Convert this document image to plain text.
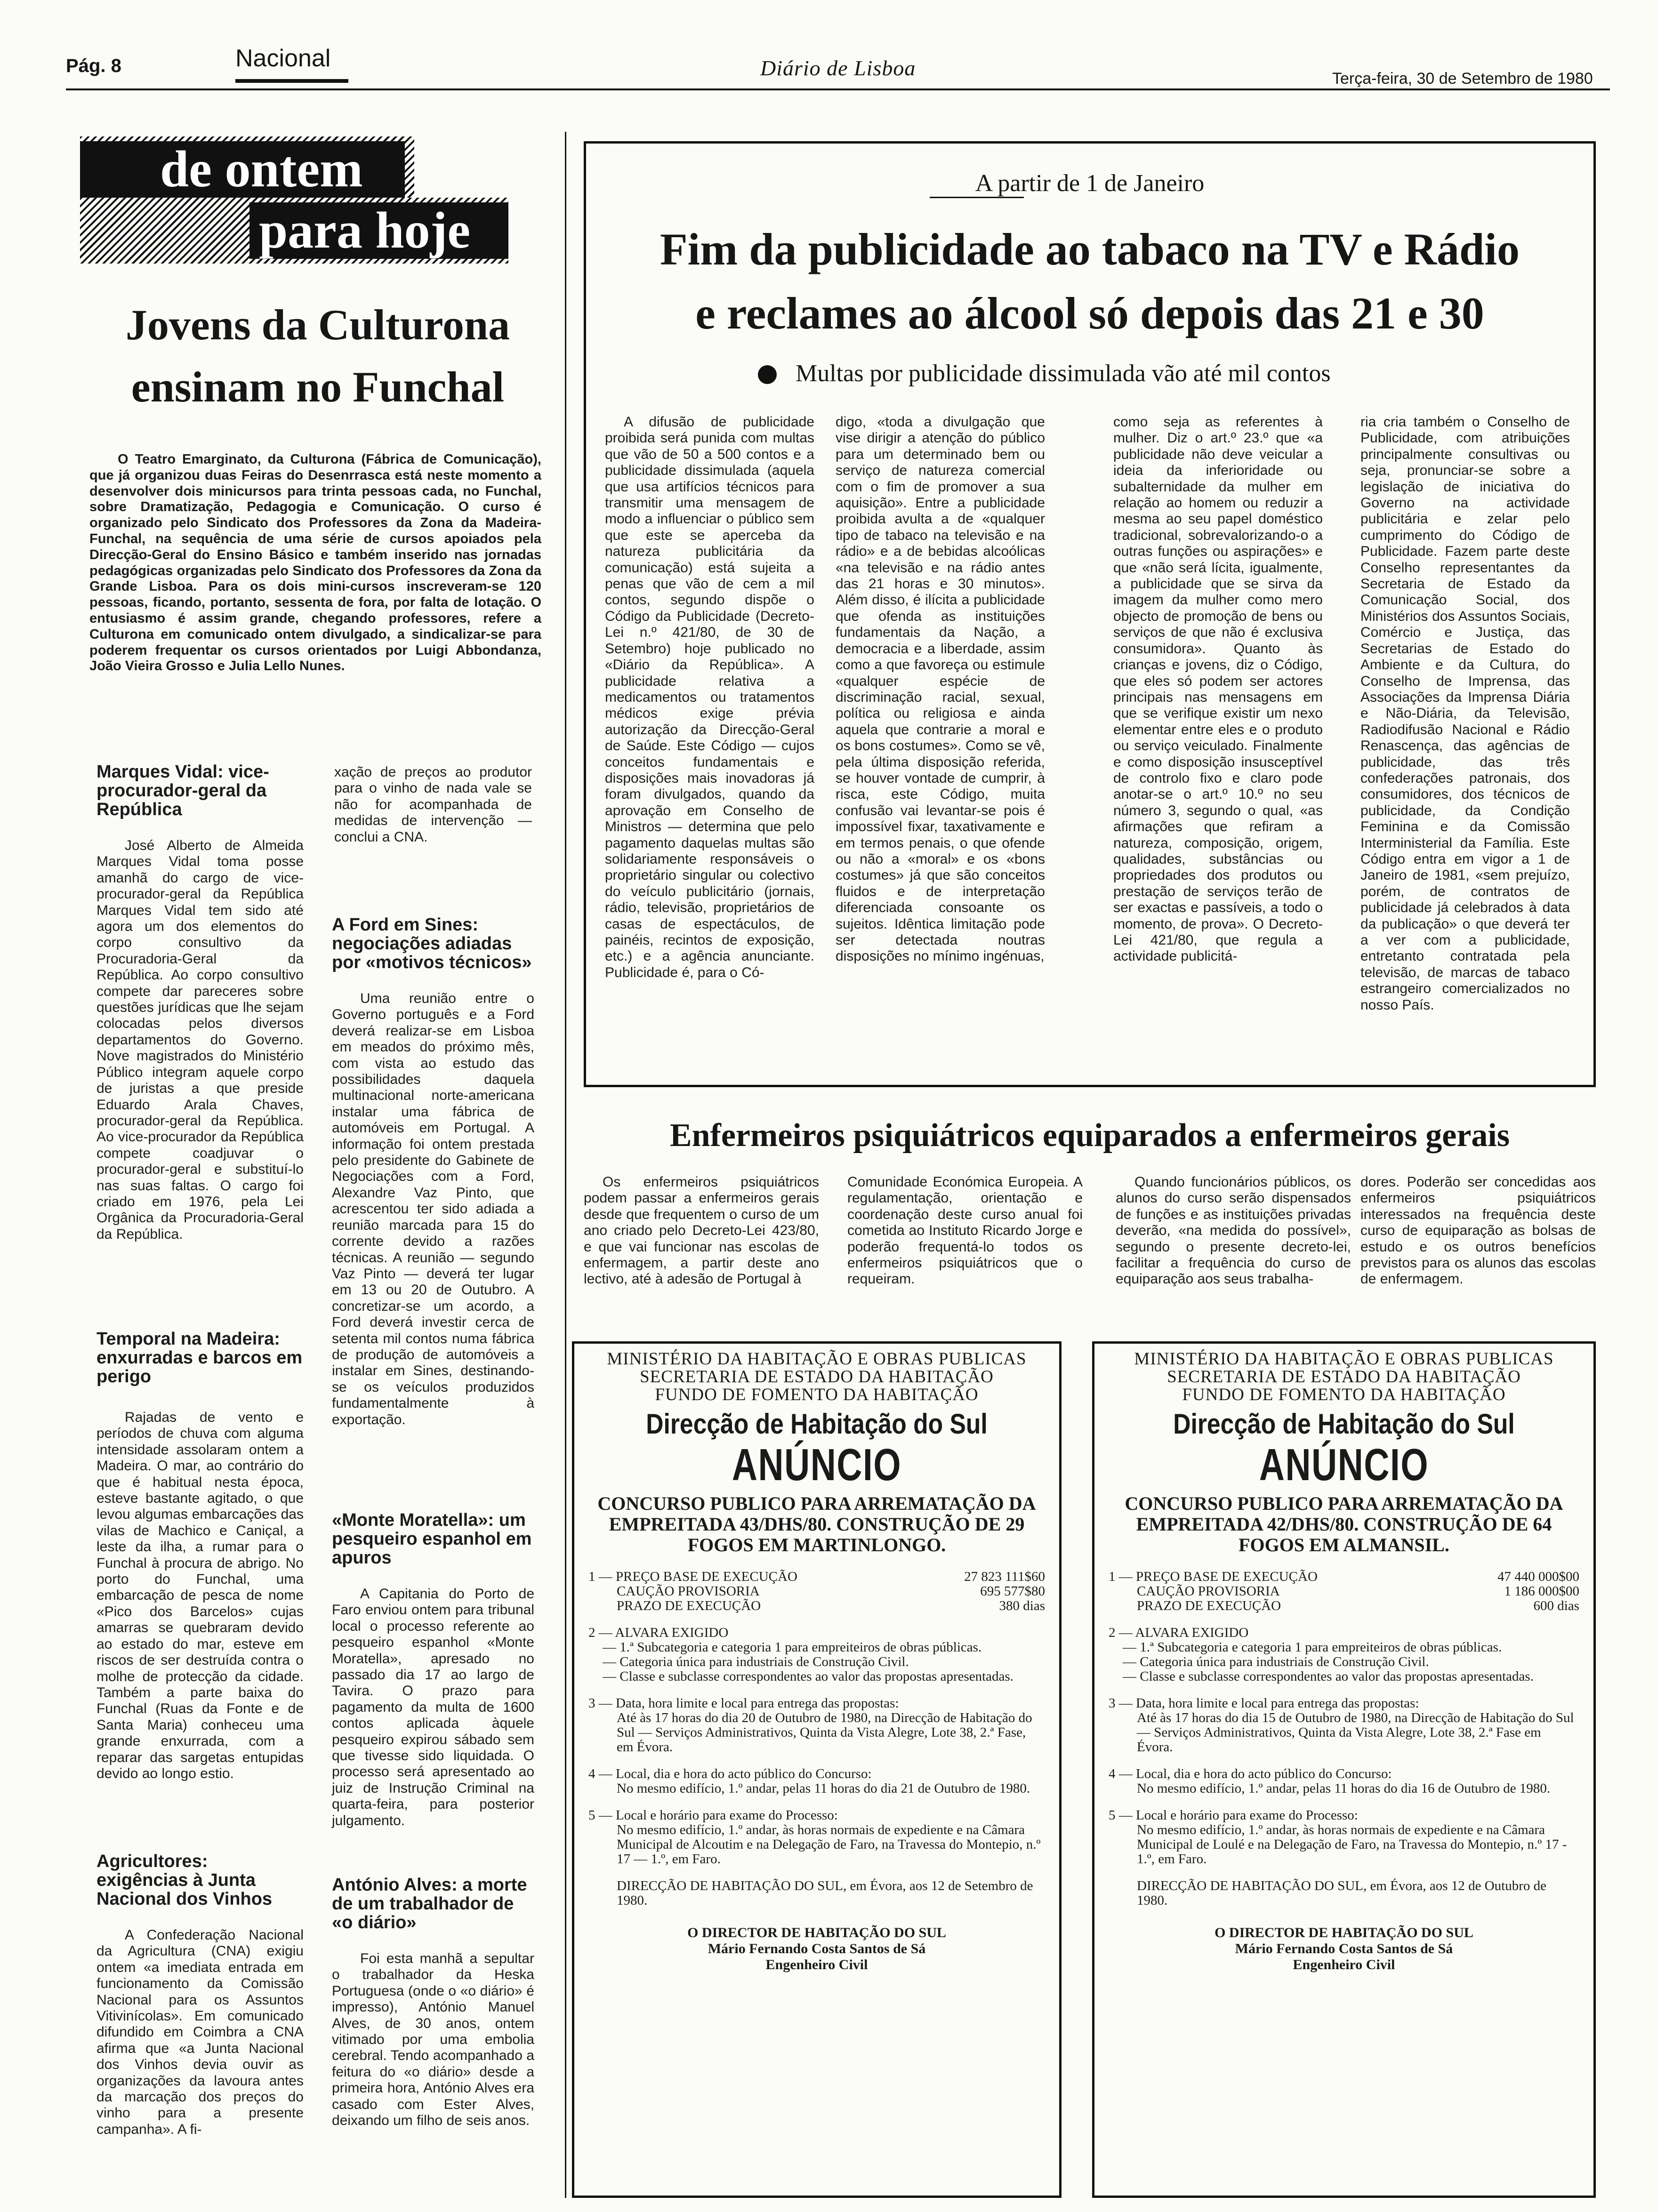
Pág. 8	Nacional	Diário de Lisboa	Terça-feira, 30 de Setembro de 1980
de ontem
para hoje
Jovens da Culturona
ensinam no Funchal

O Teatro Emarginato, da Culturona (Fábrica de Comunicação), que já organizou duas Feiras do Desenrrasca está neste momento a desenvolver dois minicursos para trinta pessoas cada, no Funchal, sobre Dramatização, Pedagogia e Comunicação. O curso é organizado pelo Sindicato dos Professores da Zona da Madeira-Funchal, na sequência de uma série de cursos apoiados pela Direcção-Geral do Ensino Básico e também inserido nas jornadas pedagógicas organizadas pelo Sindicato dos Professores da Zona da Grande Lisboa. Para os dois mini-cursos inscreveram-se 120 pessoas, ficando, portanto, sessenta de fora, por falta de lotação. O entusiasmo é assim grande, chegando professores, refere a Culturona em comunicado ontem divulgado, a sindicalizar-se para poderem frequentar os cursos orientados por Luigi Abbondanza, João Vieira Grosso e Julia Lello Nunes.

Marques Vidal: vice-procurador-geral da República

José Alberto de Almeida Marques Vidal toma posse amanhã do cargo de vice-procurador-geral da República Marques Vidal tem sido até agora um dos elementos do corpo consultivo da Procuradoria-Geral da República. Ao corpo consultivo compete dar pareceres sobre questões jurídicas que lhe sejam colocadas pelos diversos departamentos do Governo. Nove magistrados do Ministério Público integram aquele corpo de juristas a que preside Eduardo Arala Chaves, procurador-geral da República. Ao vice-procurador da República compete coadjuvar o procurador-geral e substituí-lo nas suas faltas. O cargo foi criado em 1976, pela Lei Orgânica da Procuradoria-Geral da República.

Temporal na Madeira: enxurradas e barcos em perigo

Rajadas de vento e períodos de chuva com alguma intensidade assolaram ontem a Madeira. O mar, ao contrário do que é habitual nesta época, esteve bastante agitado, o que levou algumas embarcações das vilas de Machico e Caniçal, a leste da ilha, a rumar para o Funchal à procura de abrigo. No porto do Funchal, uma embarcação de pesca de nome «Pico dos Barcelos» cujas amarras se quebraram devido ao estado do mar, esteve em riscos de ser destruída contra o molhe de protecção da cidade. Também a parte baixa do Funchal (Ruas da Fonte e de Santa Maria) conheceu uma grande enxurrada, com a reparar das sargetas entupidas devido ao longo estio.

Agricultores: exigências à Junta Nacional dos Vinhos

A Confederação Nacional da Agricultura (CNA) exigiu ontem «a imediata entrada em funcionamento da Comissão Nacional para os Assuntos Vitivinícolas». Em comunicado difundido em Coimbra a CNA afirma que «a Junta Nacional dos Vinhos devia ouvir as organizações da lavoura antes da marcação dos preços do vinho para a presente campanha». A fi-

xação de preços ao produtor para o vinho de nada vale se não for acompanhada de medidas de intervenção — conclui a CNA.

A Ford em Sines: negociações adiadas por «motivos técnicos»

Uma reunião entre o Governo português e a Ford deverá realizar-se em Lisboa em meados do próximo mês, com vista ao estudo das possibilidades daquela multinacional norte-americana instalar uma fábrica de automóveis em Portugal. A informação foi ontem prestada pelo presidente do Gabinete de Negociações com a Ford, Alexandre Vaz Pinto, que acrescentou ter sido adiada a reunião marcada para 15 do corrente devido a razões técnicas. A reunião — segundo Vaz Pinto — deverá ter lugar em 13 ou 20 de Outubro. A concretizar-se um acordo, a Ford deverá investir cerca de setenta mil contos numa fábrica de produção de automóveis a instalar em Sines, destinando-se os veículos produzidos fundamentalmente à exportação.

«Monte Moratella»: um pesqueiro espanhol em apuros

A Capitania do Porto de Faro enviou ontem para tribunal local o processo referente ao pesqueiro espanhol «Monte Moratella», apresado no passado dia 17 ao largo de Tavira. O prazo para pagamento da multa de 1600 contos aplicada àquele pesqueiro expirou sábado sem que tivesse sido liquidada. O processo será apresentado ao juiz de Instrução Criminal na quarta-feira, para posterior julgamento.

António Alves: a morte de um trabalhador de «o diário»

Foi esta manhã a sepultar o trabalhador da Heska Portuguesa (onde o «o diário» é impresso), António Manuel Alves, de 30 anos, ontem vitimado por uma embolia cerebral. Tendo acompanhado a feitura do «o diário» desde a primeira hora, António Alves era casado com Ester Alves, deixando um filho de seis anos.

A partir de 1 de Janeiro
Fim da publicidade ao tabaco na TV e Rádio
e reclames ao álcool só depois das 21 e 30
Multas por publicidade dissimulada vão até mil contos

A difusão de publicidade proibida será punida com multas que vão de 50 a 500 contos e a publicidade dissimulada (aquela que usa artifícios técnicos para transmitir uma mensagem de modo a influenciar o público sem que este se aperceba da natureza publicitária da comunicação) está sujeita a penas que vão de cem a mil contos, segundo dispõe o Código da Publicidade (Decreto-Lei n.º 421/80, de 30 de Setembro) hoje publicado no «Diário da República». A publicidade relativa a medicamentos ou tratamentos médicos exige prévia autorização da Direcção-Geral de Saúde. Este Código — cujos conceitos fundamentais e disposições mais inovadoras já foram divulgados, quando da aprovação em Conselho de Ministros — determina que pelo pagamento daquelas multas são solidariamente responsáveis o proprietário singular ou colectivo do veículo publicitário (jornais, rádio, televisão, proprietários de casas de espectáculos, de painéis, recintos de exposição, etc.) e a agência anunciante. Publicidade é, para o Có-

digo, «toda a divulgação que vise dirigir a atenção do público para um determinado bem ou serviço de natureza comercial com o fim de promover a sua aquisição». Entre a publicidade proibida avulta a de «qualquer tipo de tabaco na televisão e na rádio» e a de bebidas alcoólicas «na televisão e na rádio antes das 21 horas e 30 minutos». Além disso, é ilícita a publicidade que ofenda as instituições fundamentais da Nação, a democracia e a liberdade, assim como a que favoreça ou estimule «qualquer espécie de discriminação racial, sexual, política ou religiosa e ainda aquela que contrarie a moral e os bons costumes». Como se vê, pela última disposição referida, se houver vontade de cumprir, à risca, este Código, muita confusão vai levantar-se pois é impossível fixar, taxativamente e em termos penais, o que ofende ou não a «moral» e os «bons costumes» já que são conceitos fluidos e de interpretação diferenciada consoante os sujeitos. Idêntica limitação pode ser detectada noutras disposições no mínimo ingénuas,

como seja as referentes à mulher. Diz o art.º 23.º que «a publicidade não deve veicular a ideia da inferioridade ou subalternidade da mulher em relação ao homem ou reduzir a mesma ao seu papel doméstico tradicional, sobrevalorizando-o a outras funções ou aspirações» e que «não será lícita, igualmente, a publicidade que se sirva da imagem da mulher como mero objecto de promoção de bens ou serviços de que não é exclusiva consumidora». Quanto às crianças e jovens, diz o Código, que eles só podem ser actores principais nas mensagens em que se verifique existir um nexo elementar entre eles e o produto ou serviço veiculado. Finalmente e como disposição insusceptível de controlo fixo e claro pode anotar-se o art.º 10.º no seu número 3, segundo o qual, «as afirmações que refiram a natureza, composição, origem, qualidades, substâncias ou propriedades dos produtos ou prestação de serviços terão de ser exactas e passíveis, a todo o momento, de prova». O Decreto-Lei 421/80, que regula a actividade publicitá-

ria cria também o Conselho de Publicidade, com atribuições principalmente consultivas ou seja, pronunciar-se sobre a legislação de iniciativa do Governo na actividade publicitária e zelar pelo cumprimento do Código de Publicidade. Fazem parte deste Conselho representantes da Secretaria de Estado da Comunicação Social, dos Ministérios dos Assuntos Sociais, Comércio e Justiça, das Secretarias de Estado do Ambiente e da Cultura, do Conselho de Imprensa, das Associações da Imprensa Diária e Não-Diária, da Televisão, Radiodifusão Nacional e Rádio Renascença, das agências de publicidade, das três confederações patronais, dos consumidores, dos técnicos de publicidade, da Condição Feminina e da Comissão Interministerial da Família. Este Código entra em vigor a 1 de Janeiro de 1981, «sem prejuízo, porém, de contratos de publicidade já celebrados à data da publicação» o que deverá ter a ver com a publicidade, entretanto contratada pela televisão, de marcas de tabaco estrangeiro comercializados no nosso País.

Enfermeiros psiquiátricos equiparados a enfermeiros gerais

Os enfermeiros psiquiátricos podem passar a enfermeiros gerais desde que frequentem o curso de um ano criado pelo Decreto-Lei 423/80, e que vai funcionar nas escolas de enfermagem, a partir deste ano lectivo, até à adesão de Portugal à

Comunidade Económica Europeia. A regulamentação, orientação e coordenação deste curso anual foi cometida ao Instituto Ricardo Jorge e poderão frequentá-lo todos os enfermeiros psiquiátricos que o requeiram.

Quando funcionários públicos, os alunos do curso serão dispensados de funções e as instituições privadas deverão, «na medida do possível», segundo o presente decreto-lei, facilitar a frequência do curso de equiparação aos seus trabalha-

dores. Poderão ser concedidas aos enfermeiros psiquiátricos interessados na frequência deste curso de equiparação as bolsas de estudo e os outros benefícios previstos para os alunos das escolas de enfermagem.

MINISTÉRIO DA HABITAÇÃO E OBRAS PUBLICAS
SECRETARIA DE ESTADO DA HABITAÇÃO
FUNDO DE FOMENTO DA HABITAÇÃO
Direcção de Habitação do Sul
ANÚNCIO
CONCURSO PUBLICO PARA ARREMATAÇÃO DA EMPREITADA 43/DHS/80. CONSTRUÇÃO DE 29 FOGOS EM MARTINLONGO.
1 — PREÇO BASE DE EXECUÇÃO	27 823 111$60
CAUÇÃO PROVISORIA	695 577$80
PRAZO DE EXECUÇÃO	380 dias
2 — ALVARA EXIGIDO
— 1.ª Subcategoria e categoria 1 para empreiteiros de obras públicas.
— Categoria única para industriais de Construção Civil.
— Classe e subclasse correspondentes ao valor das propostas apresentadas.
3 — Data, hora limite e local para entrega das propostas:
Até às 17 horas do dia 20 de Outubro de 1980, na Direcção de Habitação do Sul — Serviços Administrativos, Quinta da Vista Alegre, Lote 38, 2.ª Fase, em Évora.
4 — Local, dia e hora do acto público do Concurso:
No mesmo edifício, 1.º andar, pelas 11 horas do dia 21 de Outubro de 1980.
5 — Local e horário para exame do Processo:
No mesmo edifício, 1.º andar, às horas normais de expediente e na Câmara Municipal de Alcoutim e na Delegação de Faro, na Travessa do Montepio, n.º 17 — 1.º, em Faro.
DIRECÇÃO DE HABITAÇÃO DO SUL, em Évora, aos 12 de Setembro de 1980.
O DIRECTOR DE HABITAÇÃO DO SUL
Mário Fernando Costa Santos de Sá
Engenheiro Civil
MINISTÉRIO DA HABITAÇÃO E OBRAS PUBLICAS
SECRETARIA DE ESTADO DA HABITAÇÃO
FUNDO DE FOMENTO DA HABITAÇÃO
Direcção de Habitação do Sul
ANÚNCIO
CONCURSO PUBLICO PARA ARREMATAÇÃO DA EMPREITADA 42/DHS/80. CONSTRUÇÃO DE 64 FOGOS EM ALMANSIL.
1 — PREÇO BASE DE EXECUÇÃO	47 440 000$00
CAUÇÃO PROVISORIA	1 186 000$00
PRAZO DE EXECUÇÃO	600 dias
2 — ALVARA EXIGIDO
— 1.ª Subcategoria e categoria 1 para empreiteiros de obras públicas.
— Categoria única para industriais de Construção Civil.
— Classe e subclasse correspondentes ao valor das propostas apresentadas.
3 — Data, hora limite e local para entrega das propostas:
Até às 17 horas do dia 15 de Outubro de 1980, na Direcção de Habitação do Sul — Serviços Administrativos, Quinta da Vista Alegre, Lote 38, 2.ª Fase em Évora.
4 — Local, dia e hora do acto público do Concurso:
No mesmo edifício, 1.º andar, pelas 11 horas do dia 16 de Outubro de 1980.
5 — Local e horário para exame do Processo:
No mesmo edifício, 1.º andar, às horas normais de expediente e na Câmara Municipal de Loulé e na Delegação de Faro, na Travessa do Montepio, n.º 17 - 1.º, em Faro.
DIRECÇÃO DE HABITAÇÃO DO SUL, em Évora, aos 12 de Outubro de 1980.
O DIRECTOR DE HABITAÇÃO DO SUL
Mário Fernando Costa Santos de Sá
Engenheiro Civil
